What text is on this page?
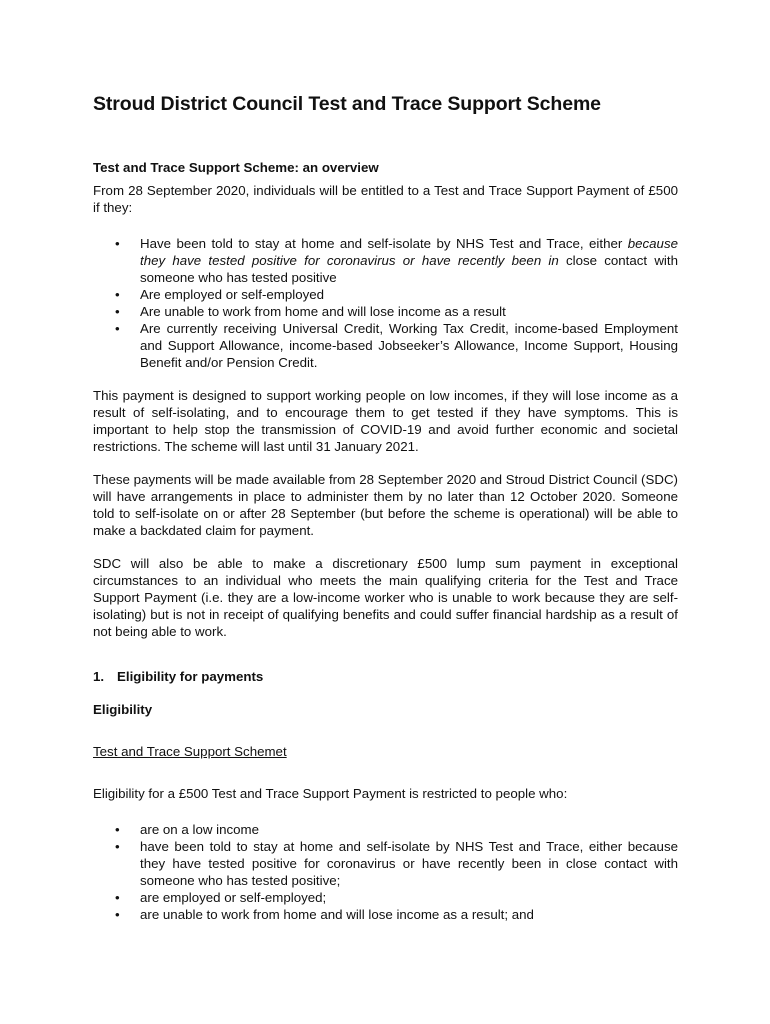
Stroud District Council Test and Trace Support Scheme
Test and Trace Support Scheme: an overview

From 28 September 2020, individuals will be entitled to a Test and Trace Support Payment of £500 if they:

• Have been told to stay at home and self-isolate by NHS Test and Trace, either because they have tested positive for coronavirus or have recently been in close contact with someone who has tested positive
• Are employed or self-employed
• Are unable to work from home and will lose income as a result
• Are currently receiving Universal Credit, Working Tax Credit, income-based Employment and Support Allowance, income-based Jobseeker’s Allowance, Income Support, Housing Benefit and/or Pension Credit.

This payment is designed to support working people on low incomes, if they will lose income as a result of self-isolating, and to encourage them to get tested if they have symptoms. This is important to help stop the transmission of COVID-19 and avoid further economic and societal restrictions. The scheme will last until 31 January 2021.

These payments will be made available from 28 September 2020 and Stroud District Council (SDC) will have arrangements in place to administer them by no later than 12 October 2020. Someone told to self-isolate on or after 28 September (but before the scheme is operational) will be able to make a backdated claim for payment.

SDC will also be able to make a discretionary £500 lump sum payment in exceptional circumstances to an individual who meets the main qualifying criteria for the Test and Trace Support Payment (i.e. they are a low-income worker who is unable to work because they are self-isolating) but is not in receipt of qualifying benefits and could suffer financial hardship as a result of not being able to work.

1. Eligibility for payments
Eligibility
Test and Trace Support Schemet

Eligibility for a £500 Test and Trace Support Payment is restricted to people who:

• are on a low income
• have been told to stay at home and self-isolate by NHS Test and Trace, either because they have tested positive for coronavirus or have recently been in close contact with someone who has tested positive;
• are employed or self-employed;
• are unable to work from home and will lose income as a result; and
